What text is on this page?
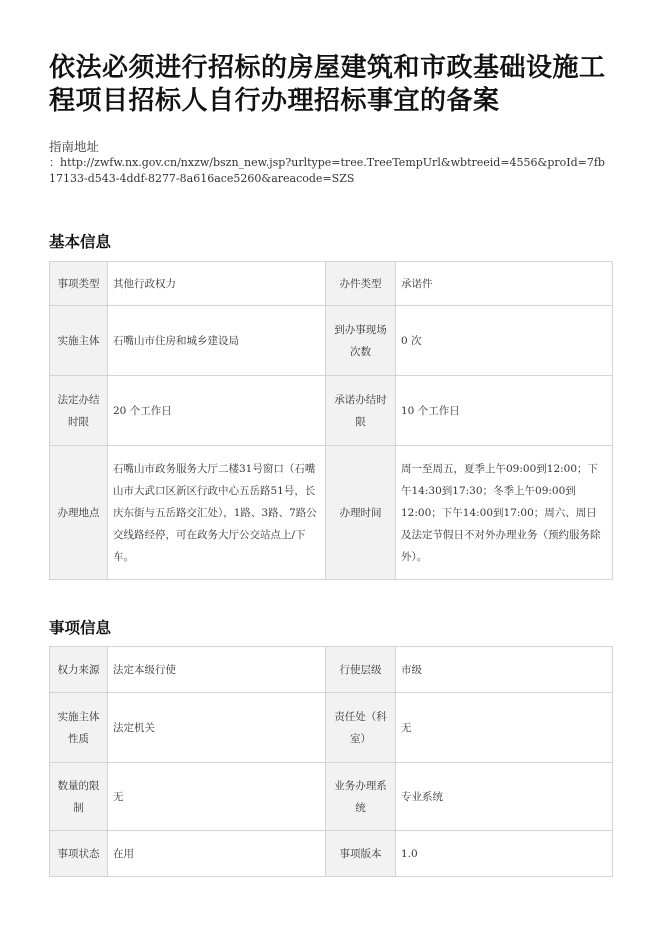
依法必须进行招标的房屋建筑和市政基础设施工程项目招标人自行办理招标事宜的备案
指南地址
：http://zwfw.nx.gov.cn/nxzw/bszn_new.jsp?urltype=tree.TreeTempUrl&wbtreeid=4556&proId=7fb17133-d543-4ddf-8277-8a616ace5260&areacode=SZS
基本信息
事项类型	其他行政权力	办件类型	承诺件
实施主体	石嘴山市住房和城乡建设局	到办事现场次数	0 次
法定办结时限	20 个工作日	承诺办结时限	10 个工作日
办理地点	石嘴山市政务服务大厅二楼31号窗口（石嘴山市大武口区新区行政中心五岳路51号，长庆东街与五岳路交汇处），1路、3路、7路公交线路经停，可在政务大厅公交站点上/下车。	办理时间	周一至周五，夏季上午09:00到12:00；下午14:30到17:30；冬季上午09:00到12:00；下午14:00到17:00；周六、周日及法定节假日不对外办理业务（预约服务除外）。
事项信息
权力来源	法定本级行使	行使层级	市级
实施主体性质	法定机关	责任处（科室）	无
数量的限制	无	业务办理系统	专业系统
事项状态	在用	事项版本	1.0
